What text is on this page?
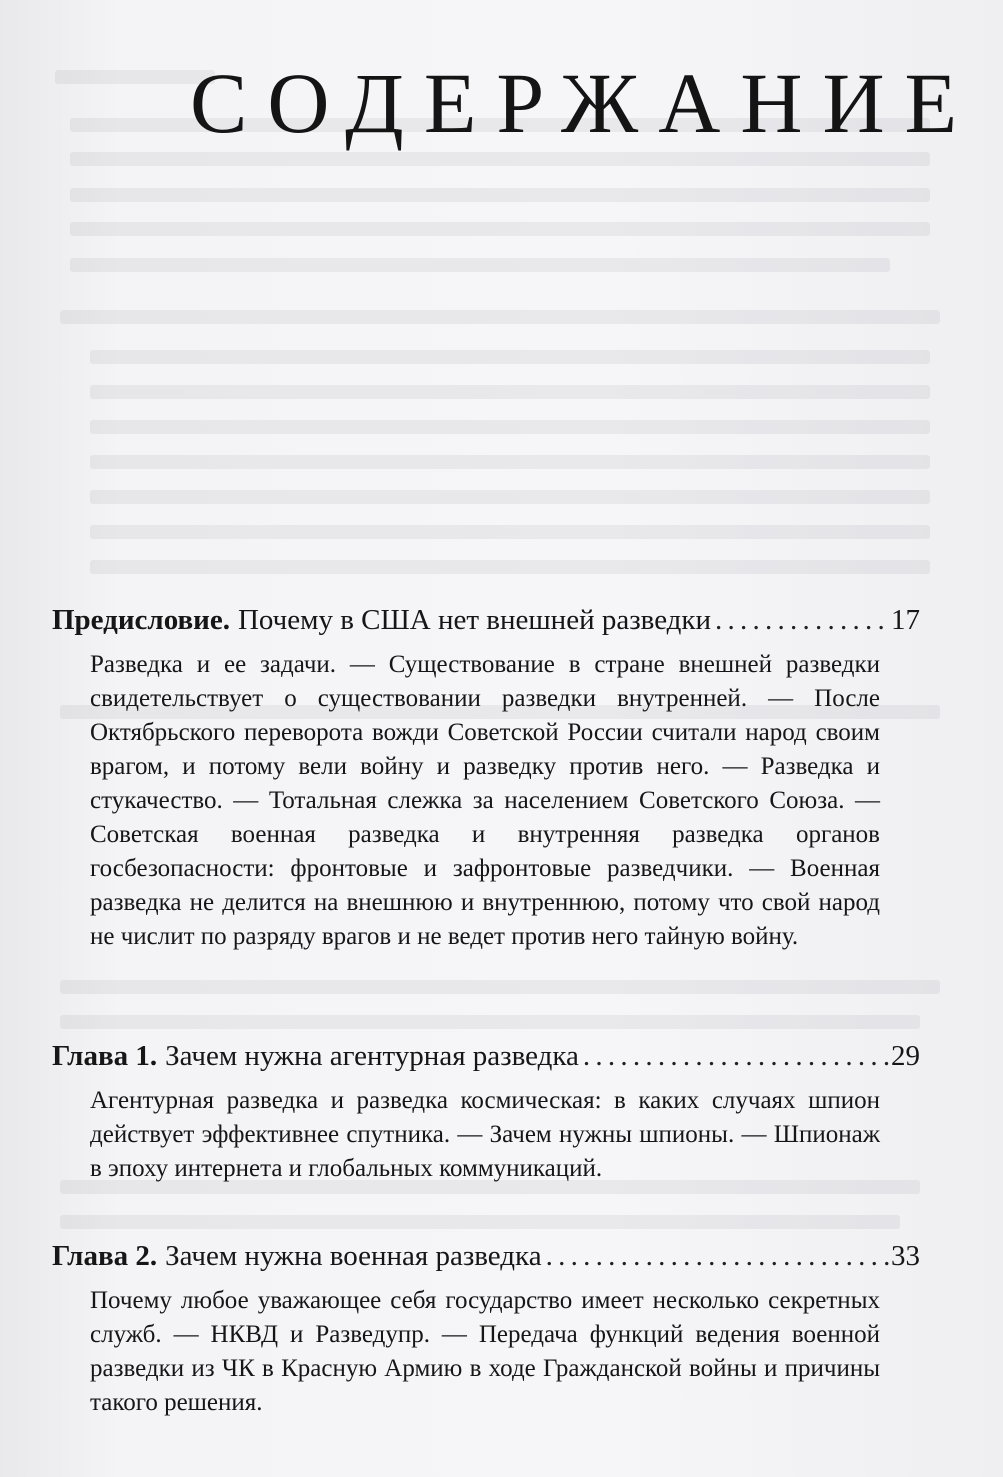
СОДЕРЖАНИЕ
Предисловие. Почему в США нет внешней разведки . . .	17

Разведка и ее задачи. — Существование в стране внешней разведки свидетельствует о существовании разведки внутренней. — После Октябрьского переворота вожди Советской России считали народ своим врагом, и потому вели войну и разведку против него. — Разведка и стукачество. — Тотальная слежка за населением Советского Союза. — Советская военная разведка и внутренняя разведка органов госбезопасности: фронтовые и зафронтовые разведчики. — Военная разведка не делится на внешнюю и внутреннюю, потому что свой народ не числит по разряду врагов и не ведет против него тайную войну.

Глава 1. Зачем нужна агентурная разведка . . .	29

Агентурная разведка и разведка космическая: в каких случаях шпион действует эффективнее спутника. — Зачем нужны шпионы. — Шпионаж в эпоху интернета и глобальных коммуникаций.

Глава 2. Зачем нужна военная разведка . . .	33

Почему любое уважающее себя государство имеет несколько секретных служб. — НКВД и Разведупр. — Передача функций ведения военной разведки из ЧК в Красную Армию в ходе Гражданской войны и причины такого решения.
